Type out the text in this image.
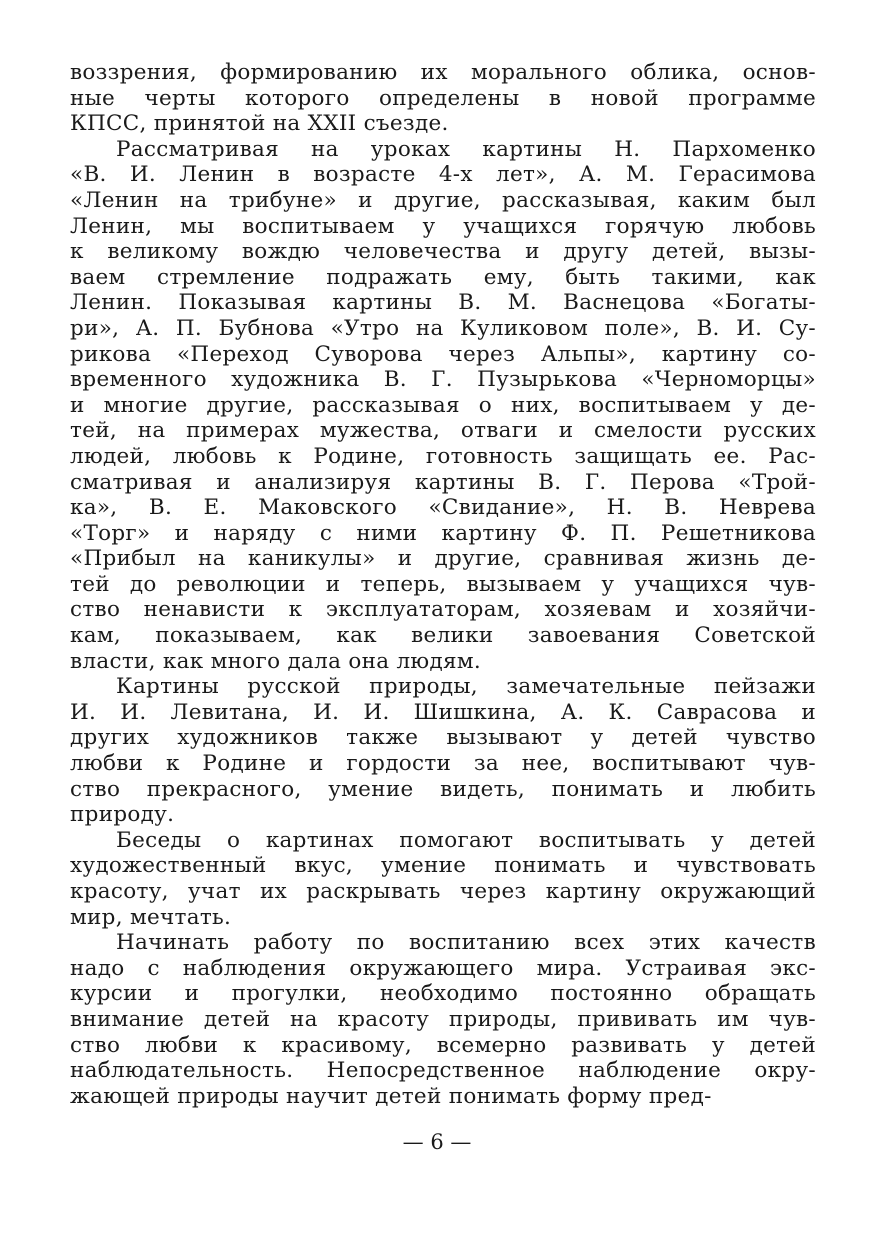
воззрения, формированию их морального облика, основ-
ные черты которого определены в новой программе
КПСС, принятой на XXII съезде.
Рассматривая на уроках картины Н. Пархоменко
«В. И. Ленин в возрасте 4-х лет», А. М. Герасимова
«Ленин на трибуне» и другие, рассказывая, каким был
Ленин, мы воспитываем у учащихся горячую любовь
к великому вождю человечества и другу детей, вызы-
ваем стремление подражать ему, быть такими, как
Ленин. Показывая картины В. М. Васнецова «Богаты-
ри», А. П. Бубнова «Утро на Куликовом поле», В. И. Су-
рикова «Переход Суворова через Альпы», картину со-
временного художника В. Г. Пузырькова «Черноморцы»
и многие другие, рассказывая о них, воспитываем у де-
тей, на примерах мужества, отваги и смелости русских
людей, любовь к Родине, готовность защищать ее. Рас-
сматривая и анализируя картины В. Г. Перова «Трой-
ка», В. Е. Маковского «Свидание», Н. В. Неврева
«Торг» и наряду с ними картину Ф. П. Решетникова
«Прибыл на каникулы» и другие, сравнивая жизнь де-
тей до революции и теперь, вызываем у учащихся чув-
ство ненависти к эксплуататорам, хозяевам и хозяйчи-
кам, показываем, как велики завоевания Советской
власти, как много дала она людям.
Картины русской природы, замечательные пейзажи
И. И. Левитана, И. И. Шишкина, А. К. Саврасова и
других художников также вызывают у детей чувство
любви к Родине и гордости за нее, воспитывают чув-
ство прекрасного, умение видеть, понимать и любить
природу.
Беседы о картинах помогают воспитывать у детей
художественный вкус, умение понимать и чувствовать
красоту, учат их раскрывать через картину окружающий
мир, мечтать.
Начинать работу по воспитанию всех этих качеств
надо с наблюдения окружающего мира. Устраивая экс-
курсии и прогулки, необходимо постоянно обращать
внимание детей на красоту природы, прививать им чув-
ство любви к красивому, всемерно развивать у детей
наблюдательность. Непосредственное наблюдение окру-
жающей природы научит детей понимать форму пред-
— 6 —
